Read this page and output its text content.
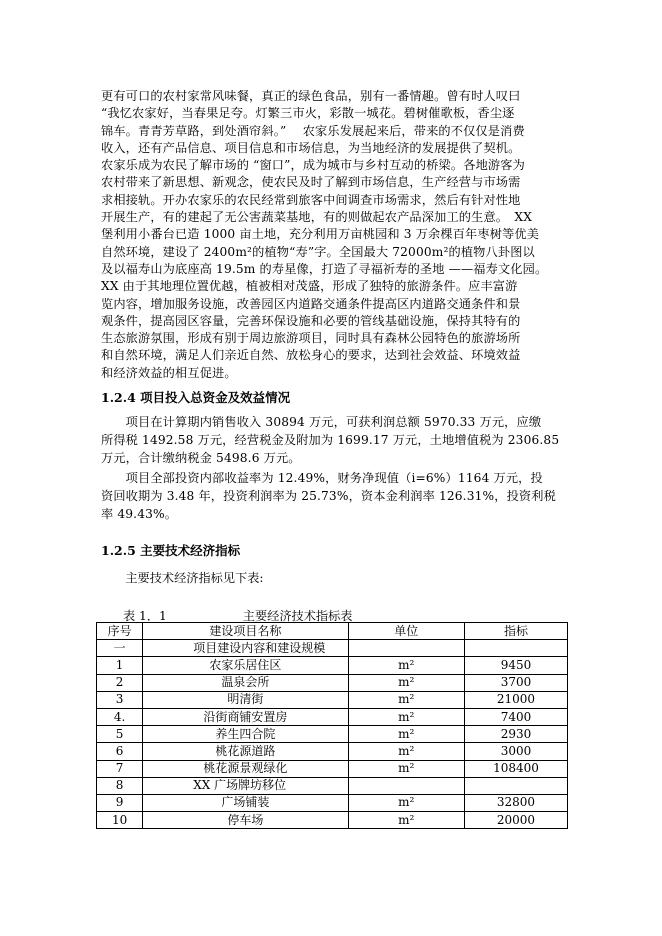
更有可口的农村家常风味餐，真正的绿色食品，别有一番情趣。曾有时人叹曰
“我忆农家好，当春果足夸。灯繁三市火，彩散一城花。碧树催歌板，香尘逐
锦车。青青芳草路，到处酒帘斜。”　 农家乐发展起来后，带来的不仅仅是消费
收入，还有产品信息、项目信息和市场信息，为当地经济的发展提供了契机。
农家乐成为农民了解市场的 “窗口”，成为城市与乡村互动的桥梁。各地游客为
农村带来了新思想、新观念，使农民及时了解到市场信息，生产经营与市场需
求相接轨。开办农家乐的农民经常到旅客中间调查市场需求，然后有针对性地
开展生产，有的建起了无公害蔬菜基地，有的则做起农产品深加工的生意。　XX
堡利用小番台已造 1000 亩土地，充分利用万亩桃园和 3 万余棵百年枣树等优美
自然环境，建设了 2400m²的植物“寿”字。全国最大 72000m²的植物八卦图以
及以福寿山为底座高 19.5m 的寿星像，打造了寻福祈寿的圣地 ——福寿文化园。
XX 由于其地理位置优越，植被相对茂盛，形成了独特的旅游条件。应丰富游
览内容，增加服务设施，改善园区内道路交通条件提高区内道路交通条件和景
观条件，提高园区容量，完善环保设施和必要的管线基础设施，保持其特有的
生态旅游氛围，形成有别于周边旅游项目，同时具有森林公园特色的旅游场所
和自然环境，满足人们亲近自然、放松身心的要求，达到社会效益、环境效益
和经济效益的相互促进。
1.2.4 项目投入总资金及效益情况
　　项目在计算期内销售收入 30894 万元，可获利润总额 5970.33 万元，应缴
所得税 1492.58 万元，经营税金及附加为 1699.17 万元，土地增值税为 2306.85
万元，合计缴纳税金 5498.6 万元。
　　项目全部投资内部收益率为 12.49%，财务净现值（i=6%）1164 万元，投
资回收期为 3.48 年，投资利润率为 25.73%，资本金利润率 126.31%，投资利税
率 49.43%。
1.2.5 主要技术经济指标
　　主要技术经济指标见下表:
表 1．1	主要经济技术指标表
序号	建设项目名称	单位	指标
一	项目建设内容和建设规模		
1	农家乐居住区	m²	9450
2	温泉会所	m²	3700
3	明清街	m²	21000
4.	沿街商铺安置房	m²	7400
5	养生四合院	m²	2930
6	桃花源道路	m²	3000
7	桃花源景观绿化	m²	108400
8	XX 广场牌坊移位		
9	广场铺装	m²	32800
10	停车场	m²	20000
